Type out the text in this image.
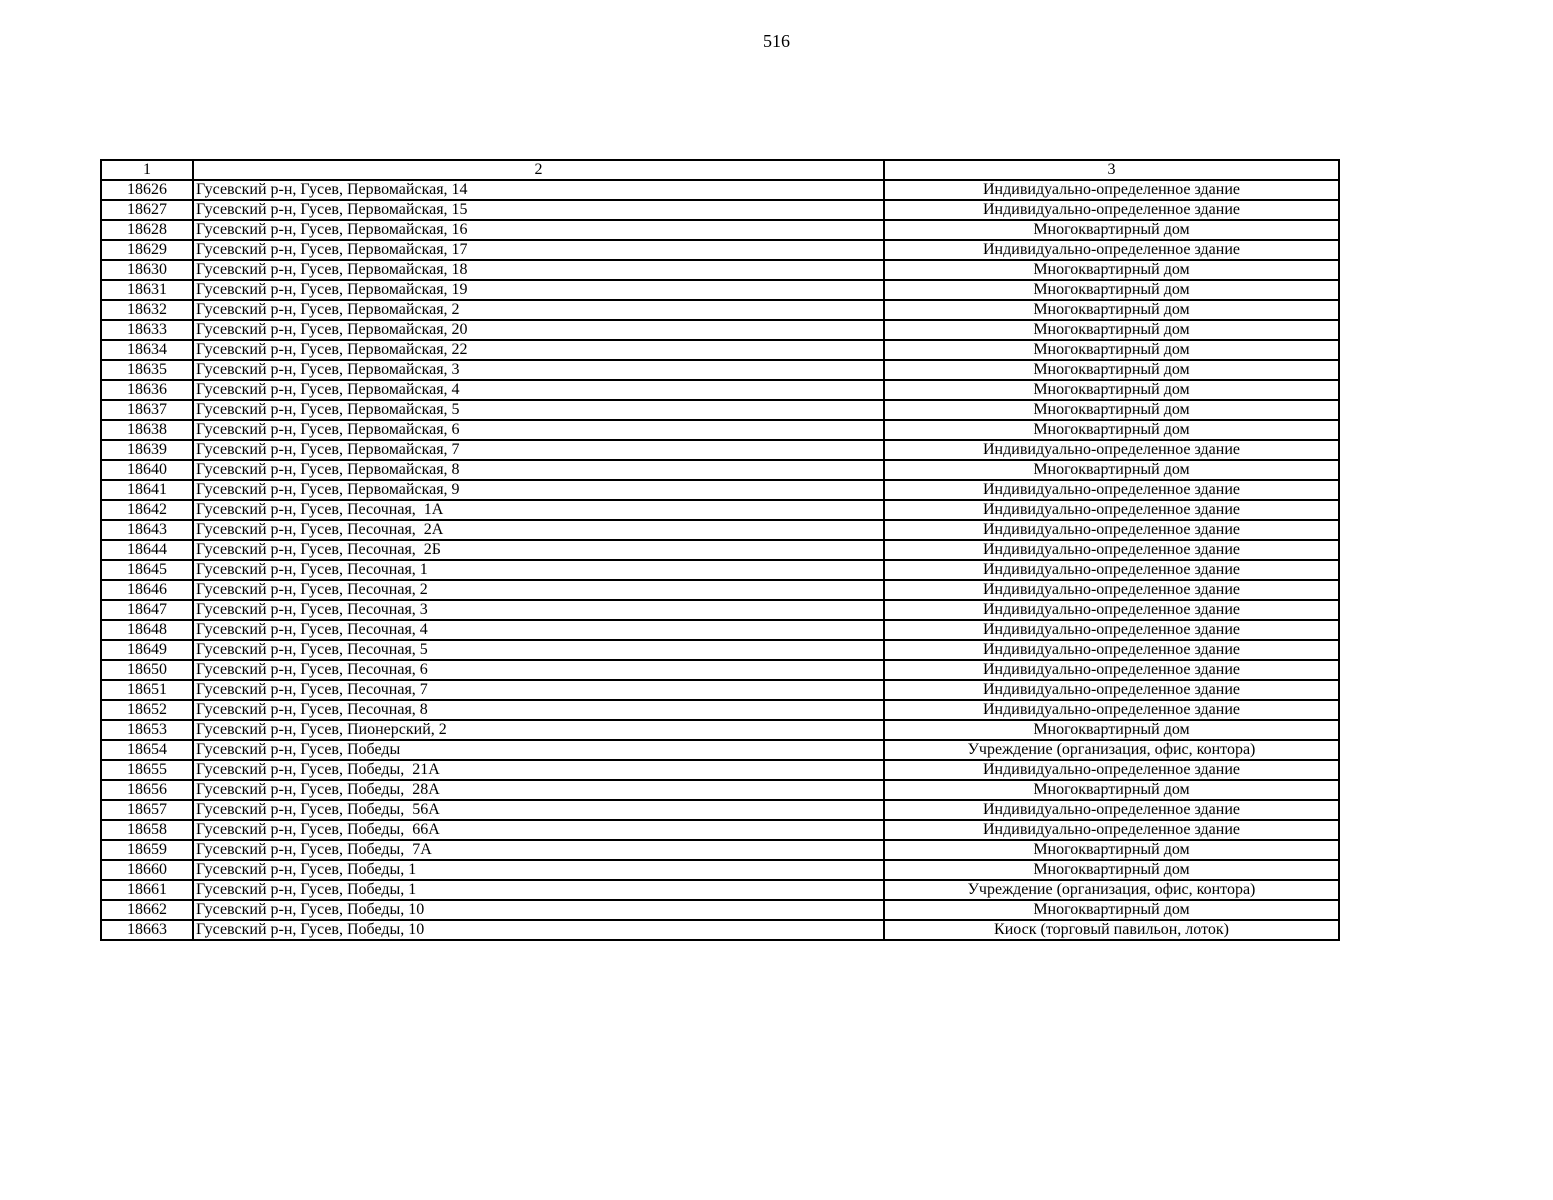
516
1	2	3
18626	Гусевский р-н, Гусев, Первомайская, 14	Индивидуально-определенное здание
18627	Гусевский р-н, Гусев, Первомайская, 15	Индивидуально-определенное здание
18628	Гусевский р-н, Гусев, Первомайская, 16	Многоквартирный дом
18629	Гусевский р-н, Гусев, Первомайская, 17	Индивидуально-определенное здание
18630	Гусевский р-н, Гусев, Первомайская, 18	Многоквартирный дом
18631	Гусевский р-н, Гусев, Первомайская, 19	Многоквартирный дом
18632	Гусевский р-н, Гусев, Первомайская, 2	Многоквартирный дом
18633	Гусевский р-н, Гусев, Первомайская, 20	Многоквартирный дом
18634	Гусевский р-н, Гусев, Первомайская, 22	Многоквартирный дом
18635	Гусевский р-н, Гусев, Первомайская, 3	Многоквартирный дом
18636	Гусевский р-н, Гусев, Первомайская, 4	Многоквартирный дом
18637	Гусевский р-н, Гусев, Первомайская, 5	Многоквартирный дом
18638	Гусевский р-н, Гусев, Первомайская, 6	Многоквартирный дом
18639	Гусевский р-н, Гусев, Первомайская, 7	Индивидуально-определенное здание
18640	Гусевский р-н, Гусев, Первомайская, 8	Многоквартирный дом
18641	Гусевский р-н, Гусев, Первомайская, 9	Индивидуально-определенное здание
18642	Гусевский р-н, Гусев, Песочная,  1А	Индивидуально-определенное здание
18643	Гусевский р-н, Гусев, Песочная,  2А	Индивидуально-определенное здание
18644	Гусевский р-н, Гусев, Песочная,  2Б	Индивидуально-определенное здание
18645	Гусевский р-н, Гусев, Песочная, 1	Индивидуально-определенное здание
18646	Гусевский р-н, Гусев, Песочная, 2	Индивидуально-определенное здание
18647	Гусевский р-н, Гусев, Песочная, 3	Индивидуально-определенное здание
18648	Гусевский р-н, Гусев, Песочная, 4	Индивидуально-определенное здание
18649	Гусевский р-н, Гусев, Песочная, 5	Индивидуально-определенное здание
18650	Гусевский р-н, Гусев, Песочная, 6	Индивидуально-определенное здание
18651	Гусевский р-н, Гусев, Песочная, 7	Индивидуально-определенное здание
18652	Гусевский р-н, Гусев, Песочная, 8	Индивидуально-определенное здание
18653	Гусевский р-н, Гусев, Пионерский, 2	Многоквартирный дом
18654	Гусевский р-н, Гусев, Победы	Учреждение (организация, офис, контора)
18655	Гусевский р-н, Гусев, Победы,  21А	Индивидуально-определенное здание
18656	Гусевский р-н, Гусев, Победы,  28А	Многоквартирный дом
18657	Гусевский р-н, Гусев, Победы,  56А	Индивидуально-определенное здание
18658	Гусевский р-н, Гусев, Победы,  66А	Индивидуально-определенное здание
18659	Гусевский р-н, Гусев, Победы,  7А	Многоквартирный дом
18660	Гусевский р-н, Гусев, Победы, 1	Многоквартирный дом
18661	Гусевский р-н, Гусев, Победы, 1	Учреждение (организация, офис, контора)
18662	Гусевский р-н, Гусев, Победы, 10	Многоквартирный дом
18663	Гусевский р-н, Гусев, Победы, 10	Киоск (торговый павильон, лоток)
